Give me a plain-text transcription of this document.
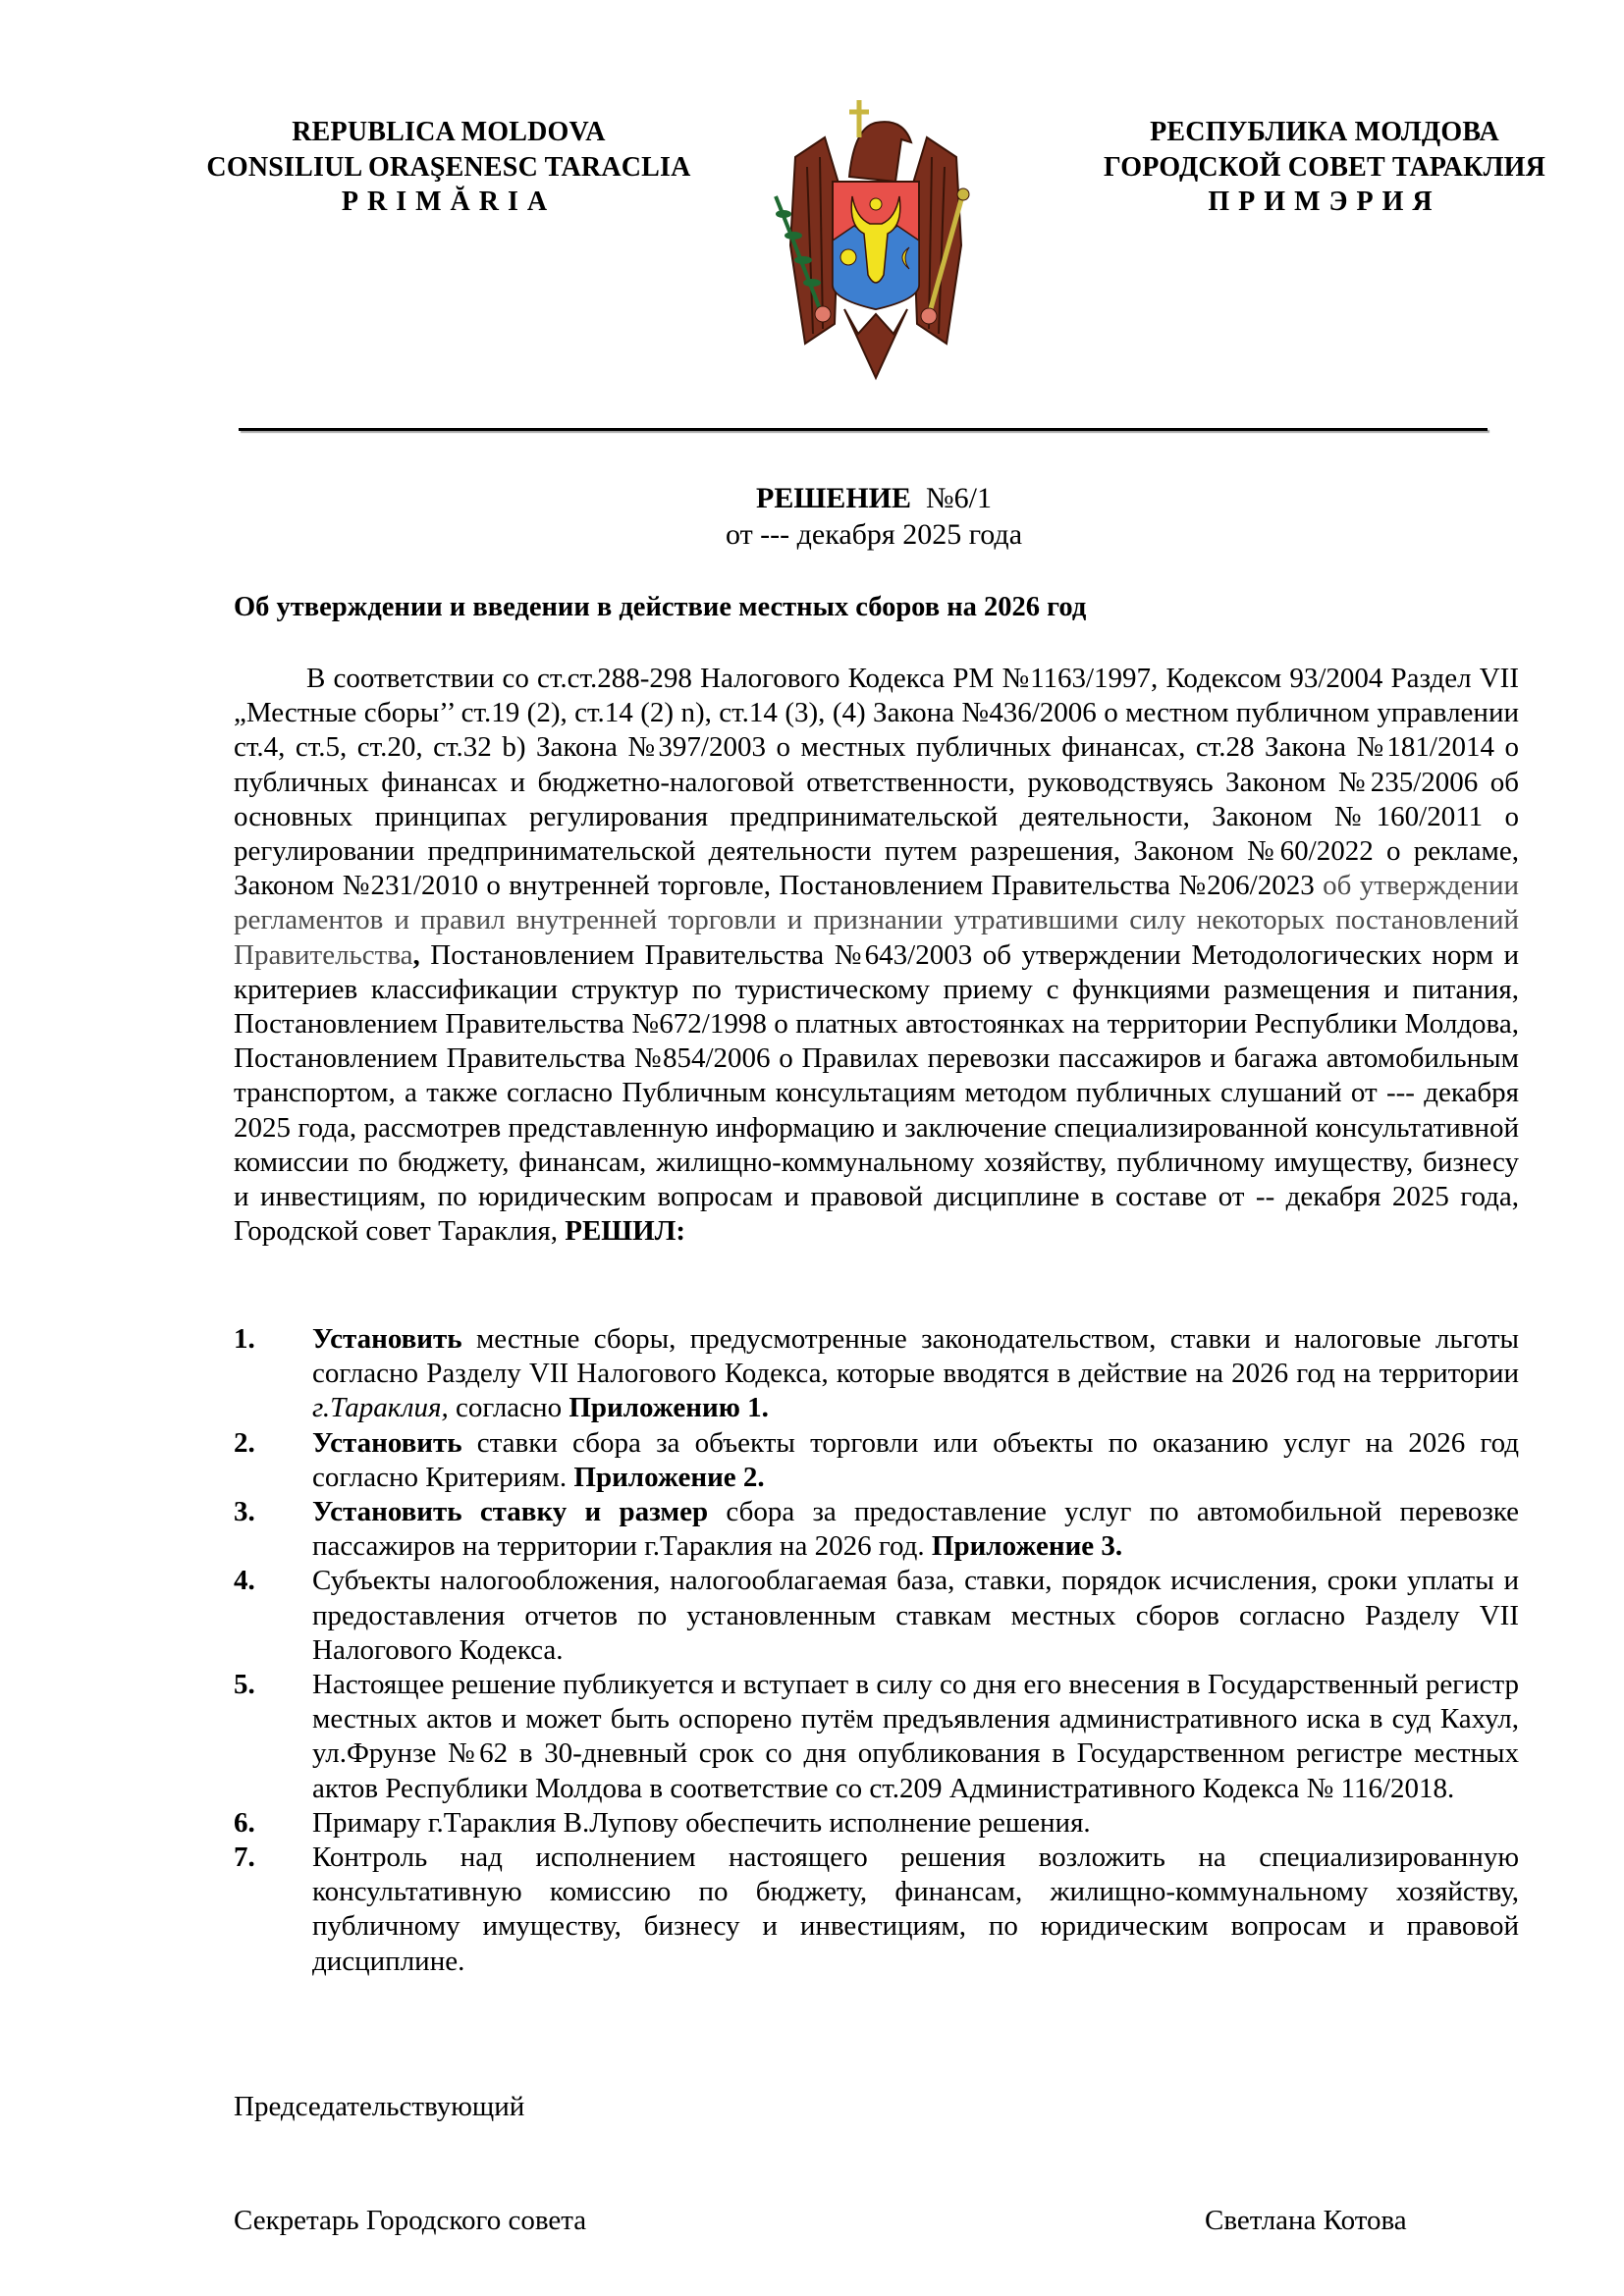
REPUBLICA MOLDOVA
CONSILIUL ORAŞENESC TARACLIA
PRIMĂRIA
РЕСПУБЛИКА МОЛДОВА
ГОРОДСКОЙ СОВЕТ ТАРАКЛИЯ
ПРИМЭРИЯ
РЕШЕНИЕ №6/1
от --- декабря 2025 года
Об утверждении и введении в действие местных сборов на 2026 год

В соответствии со ст.ст.288-298 Налогового Кодекса РМ №1163/1997, Кодексом 93/2004 Раздел VII „Местные сборы’’ ст.19 (2), ст.14 (2) n), ст.14 (3), (4) Закона №436/2006 о местном публичном управлении ст.4, ст.5, ст.20, ст.32 b) Закона №397/2003 о местных публичных финансах, ст.28 Закона №181/2014 о публичных финансах и бюджетно-налоговой ответственности, руководствуясь Законом №235/2006 об основных принципах регулирования предпринимательской деятельности, Законом №160/2011 о регулировании предпринимательской деятельности путем разрешения, Законом №60/2022 о рекламе, Законом №231/2010 о внутренней торговле, Постановлением Правительства №206/2023 об утверждении регламентов и правил внутренней торговли и признании утратившими силу некоторых постановлений Правительства, Постановлением Правительства №643/2003 об утверждении Методологических норм и критериев классификации структур по туристическому приему с функциями размещения и питания, Постановлением Правительства №672/1998 о платных автостоянках на территории Республики Молдова, Постановлением Правительства №854/2006 о Правилах перевозки пассажиров и багажа автомобильным транспортом, а также согласно Публичным консультациям методом публичных слушаний от --- декабря 2025 года, рассмотрев представленную информацию и заключение специализированной консультативной комиссии по бюджету, финансам, жилищно-коммунальному хозяйству, публичному имуществу, бизнесу и инвестициям, по юридическим вопросам и правовой дисциплине в составе от -- декабря 2025 года, Городской совет Тараклия, РЕШИЛ:

1. Установить местные сборы, предусмотренные законодательством, ставки и налоговые льготы согласно Разделу VII Налогового Кодекса, которые вводятся в действие на 2026 год на территории г.Тараклия, согласно Приложению 1.
2. Установить ставки сбора за объекты торговли или объекты по оказанию услуг на 2026 год согласно Критериям. Приложение 2.
3. Установить ставку и размер сбора за предоставление услуг по автомобильной перевозке пассажиров на территории г.Тараклия на 2026 год. Приложение 3.
4. Субъекты налогообложения, налогооблагаемая база, ставки, порядок исчисления, сроки уплаты и предоставления отчетов по установленным ставкам местных сборов согласно Разделу VII Налогового Кодекса.
5. Настоящее решение публикуется и вступает в силу со дня его внесения в Государственный регистр местных актов и может быть оспорено путём предъявления административного иска в суд Кахул, ул.Фрунзе №62 в 30-дневный срок со дня опубликования в Государственном регистре местных актов Республики Молдова в соответствие со ст.209 Административного Кодекса № 116/2018.
6. Примару г.Тараклия В.Лупову обеспечить исполнение решения.
7. Контроль над исполнением настоящего решения возложить на специализированную консультативную комиссию по бюджету, финансам, жилищно-коммунальному хозяйству, публичному имуществу, бизнесу и инвестициям, по юридическим вопросам и правовой дисциплине.
Председательствующий
Секретарь Городского совета	Светлана Котова
